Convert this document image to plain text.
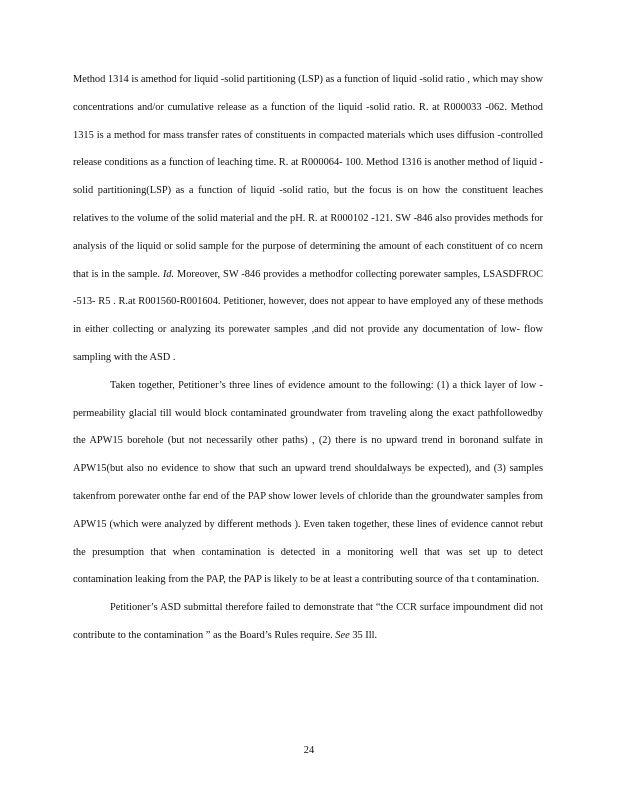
Method 1314 is amethod for liquid -solid partitioning (LSP) as a function of liquid -solid ratio , which may show concentrations and/or cumulative release as a function of the liquid -solid ratio. R. at R000033 -062. Method 1315 is a method for mass transfer rates of constituents in compacted materials which uses diffusion -controlled release conditions as a function of leaching time. R. at R000064- 100. Method 1316 is another method of liquid - solid partitioning(LSP) as a function of liquid -solid ratio, but the focus is on how the constituent leaches relatives to the volume of the solid material and the pH. R. at R000102 -121. SW -846 also provides methods for analysis of the liquid or solid sample for the purpose of determining the amount of each constituent of co ncern that is in the sample. Id. Moreover, SW -846 provides a methodfor collecting porewater samples, LSASDFROC -513- R5 . R.at R001560-R001604. Petitioner, however, does not appear to have employed any of these methods in either collecting or analyzing its porewater samples ,and did not provide any documentation of low- flow sampling with the ASD .

Taken together, Petitioner’s three lines of evidence amount to the following: (1) a thick layer of low -permeability glacial till would block contaminated groundwater from traveling along the exact pathfollowedby the APW15 borehole (but not necessarily other paths) , (2) there is no upward trend in boronand sulfate in APW15(but also no evidence to show that such an upward trend shouldalways be expected), and (3) samples takenfrom porewater onthe far end of the PAP show lower levels of chloride than the groundwater samples from APW15 (which were analyzed by different methods ). Even taken together, these lines of evidence cannot rebut the presumption that when contamination is detected in a monitoring well that was set up to detect contamination leaking from the PAP, the PAP is likely to be at least a contributing source of tha t contamination.

Petitioner’s ASD submittal therefore failed to demonstrate that “the CCR surface impoundment did not contribute to the contamination ” as the Board’s Rules require. See 35 Ill.

24
